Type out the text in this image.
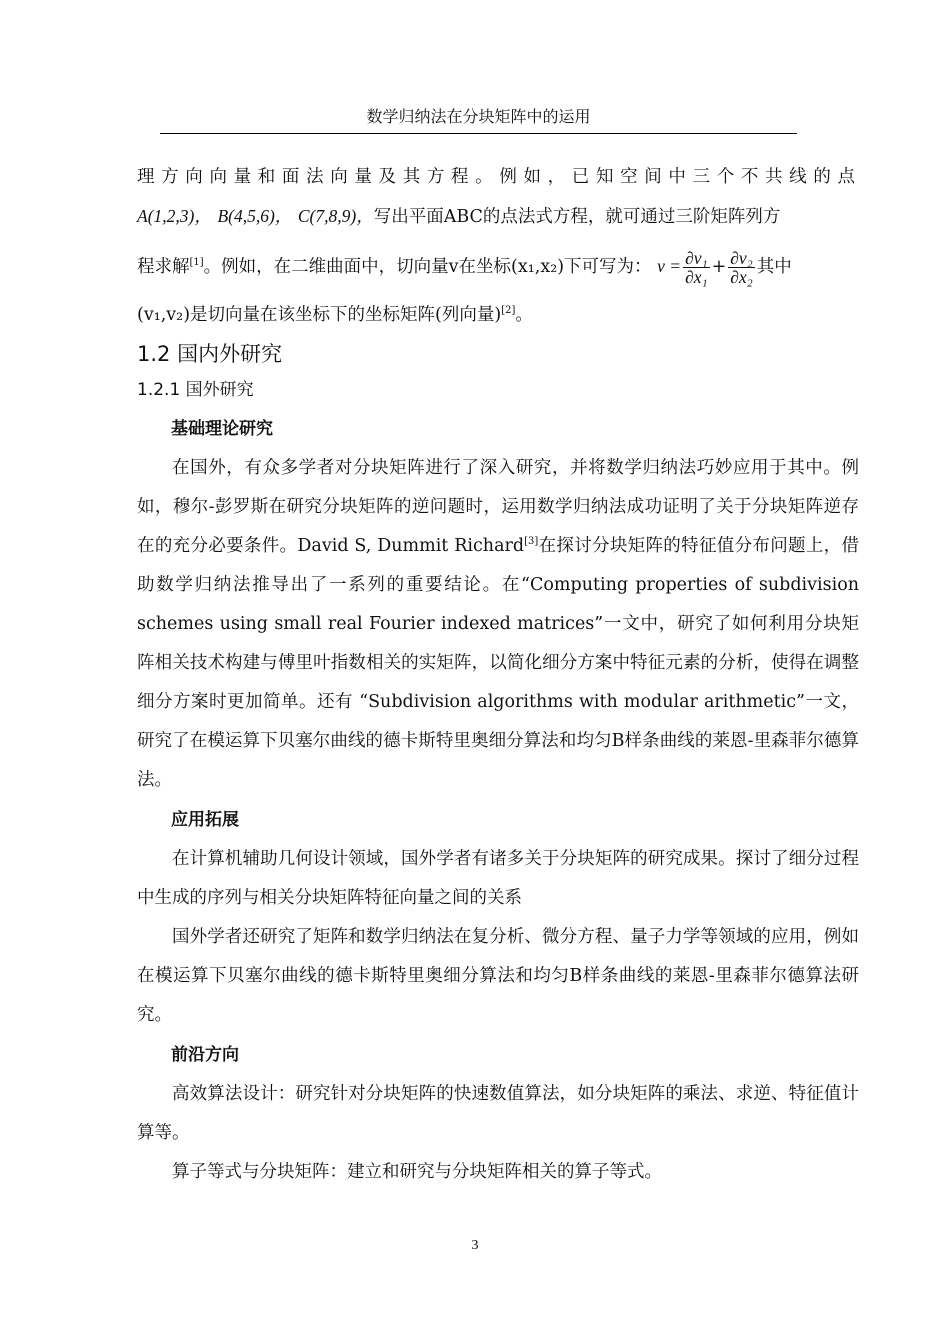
数学归纳法在分块矩阵中的运用

理方向向量和面法向量及其方程。例如，已知空间中三个不共线的点

A(1,2,3)， B(4,5,6)， C(7,8,9)，写出平面ABC的点法式方程，就可通过三阶矩阵列方

程求解[1]。例如，在二维曲面中，切向量v在坐标(x₁,x₂)下可写为： $v = \frac{\text{∂v₁}}{\text{∂x₁}} + \frac{\text{∂v₂}}{\text{∂x₂}}$ 其中

(v₁,v₂)是切向量在该坐标下的坐标矩阵(列向量)[2]。

1.2 国内外研究
1.2.1 国外研究
基础理论研究

在国外，有众多学者对分块矩阵进行了深入研究，并将数学归纳法巧妙应用于其中。例如，穆尔-彭罗斯在研究分块矩阵的逆问题时，运用数学归纳法成功证明了关于分块矩阵逆存在的充分必要条件。David S, Dummit Richard[3]在探讨分块矩阵的特征值分布问题上，借助数学归纳法推导出了一系列的重要结论。在“Computing properties of subdivision schemes using small real Fourier indexed matrices”一文中，研究了如何利用分块矩阵相关技术构建与傅里叶指数相关的实矩阵，以简化细分方案中特征元素的分析，使得在调整细分方案时更加简单。还有 “Subdivision algorithms with modular arithmetic”一文，研究了在模运算下贝塞尔曲线的德卡斯特里奥细分算法和均匀B样条曲线的莱恩-里森菲尔德算法。

应用拓展

在计算机辅助几何设计领域，国外学者有诸多关于分块矩阵的研究成果。探讨了细分过程中生成的序列与相关分块矩阵特征向量之间的关系

国外学者还研究了矩阵和数学归纳法在复分析、微分方程、量子力学等领域的应用，例如在模运算下贝塞尔曲线的德卡斯特里奥细分算法和均匀B样条曲线的莱恩-里森菲尔德算法研究。

前沿方向

高效算法设计：研究针对分块矩阵的快速数值算法，如分块矩阵的乘法、求逆、特征值计算等。

算子等式与分块矩阵：建立和研究与分块矩阵相关的算子等式。

3
